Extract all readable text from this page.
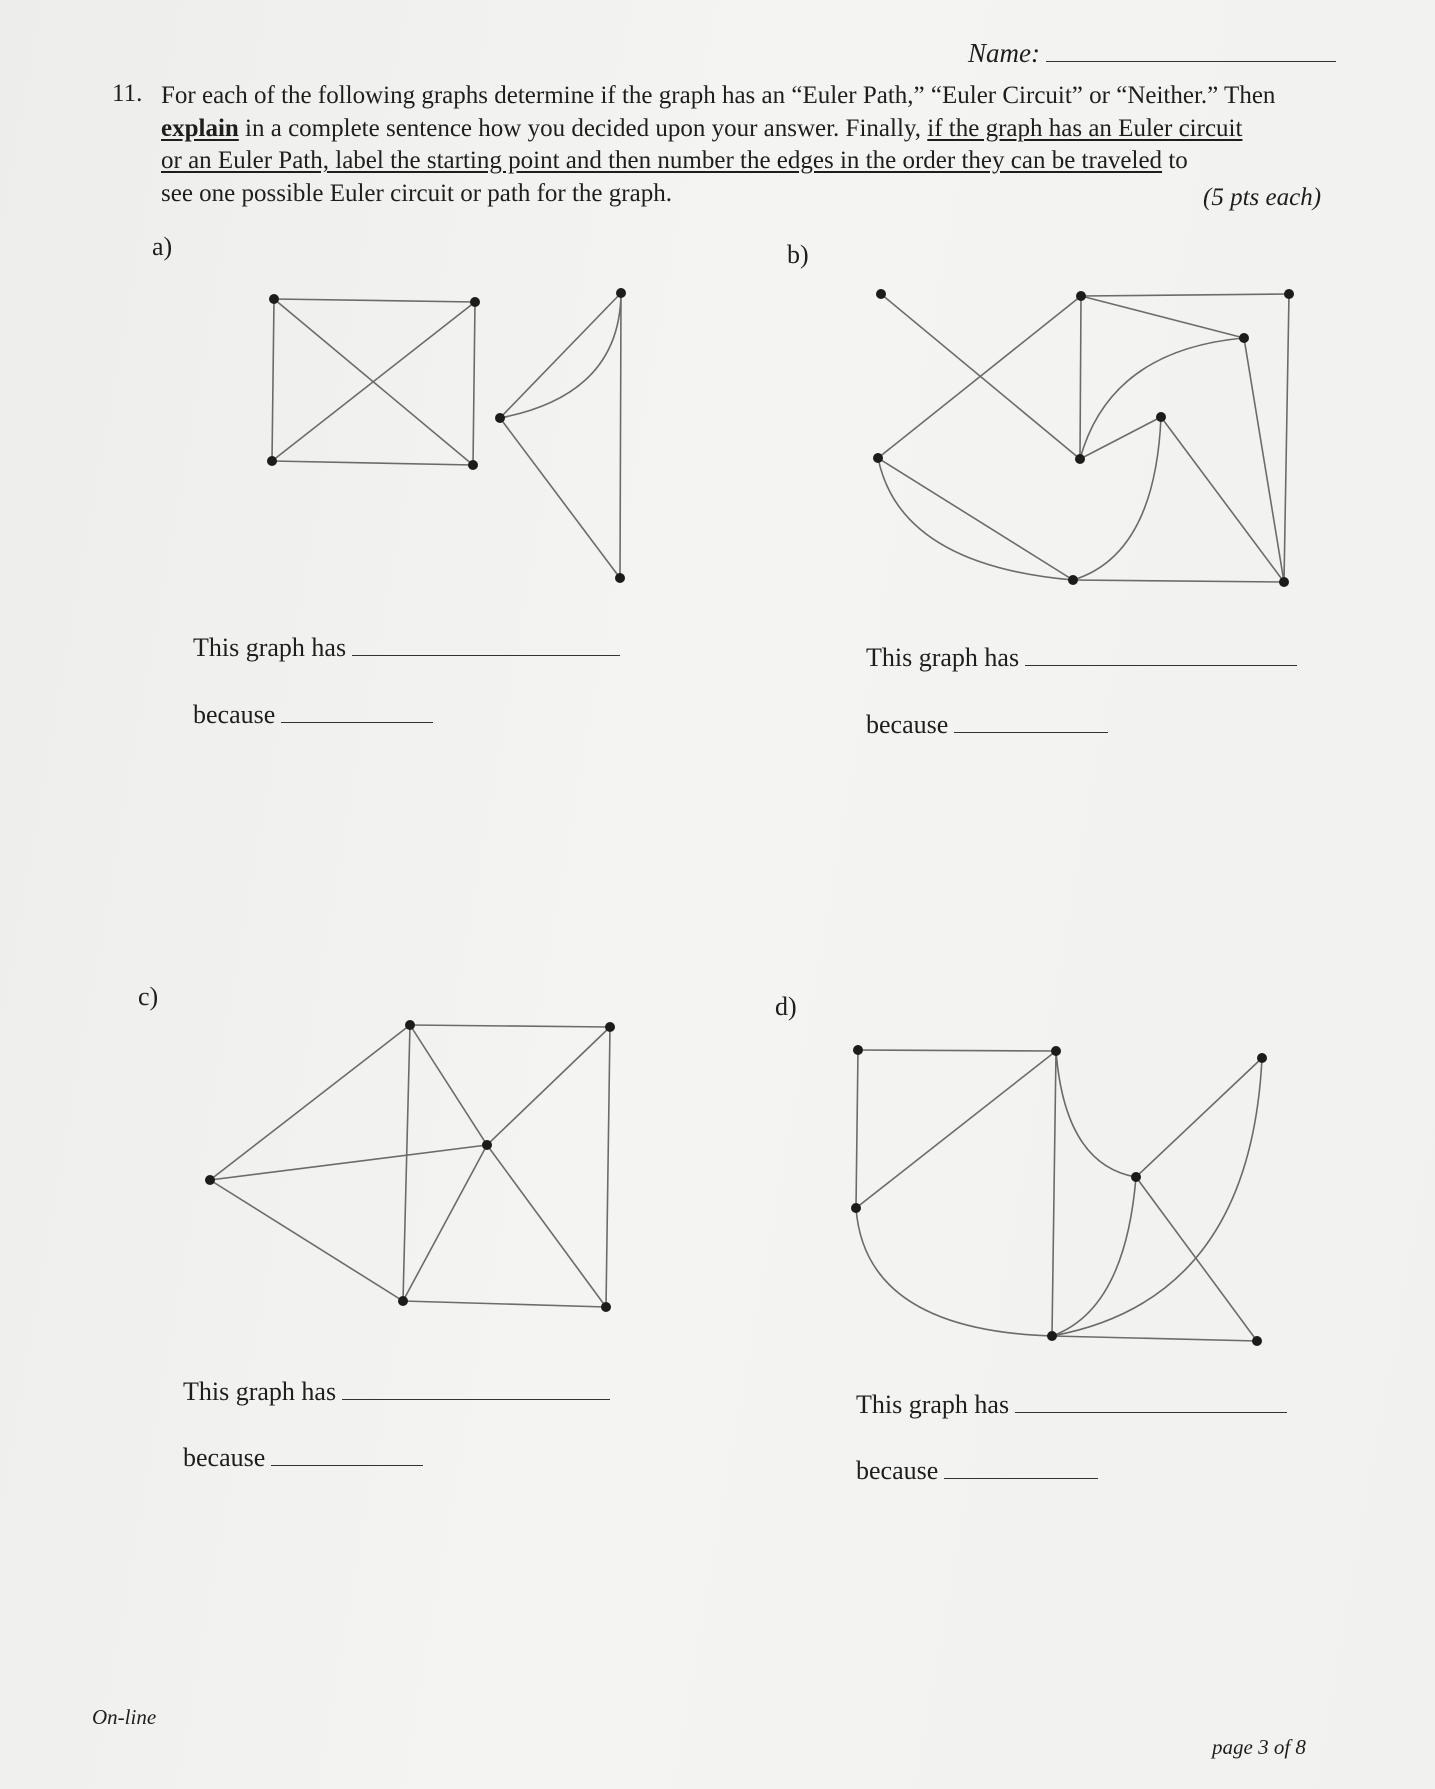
Name:
11. For each of the following graphs determine if the graph has an “Euler Path,” “Euler Circuit” or “Neither.” Then
explain in a complete sentence how you decided upon your answer. Finally, if the graph has an Euler circuit
or an Euler Path, label the starting point and then number the edges in the order they can be traveled to
see one possible Euler circuit or path for the graph.	(5 pts each)
a)	b)
c)	d)
This graph has
because
This graph has
because
This graph has
because
This graph has
because
On-line
page 3 of 8
